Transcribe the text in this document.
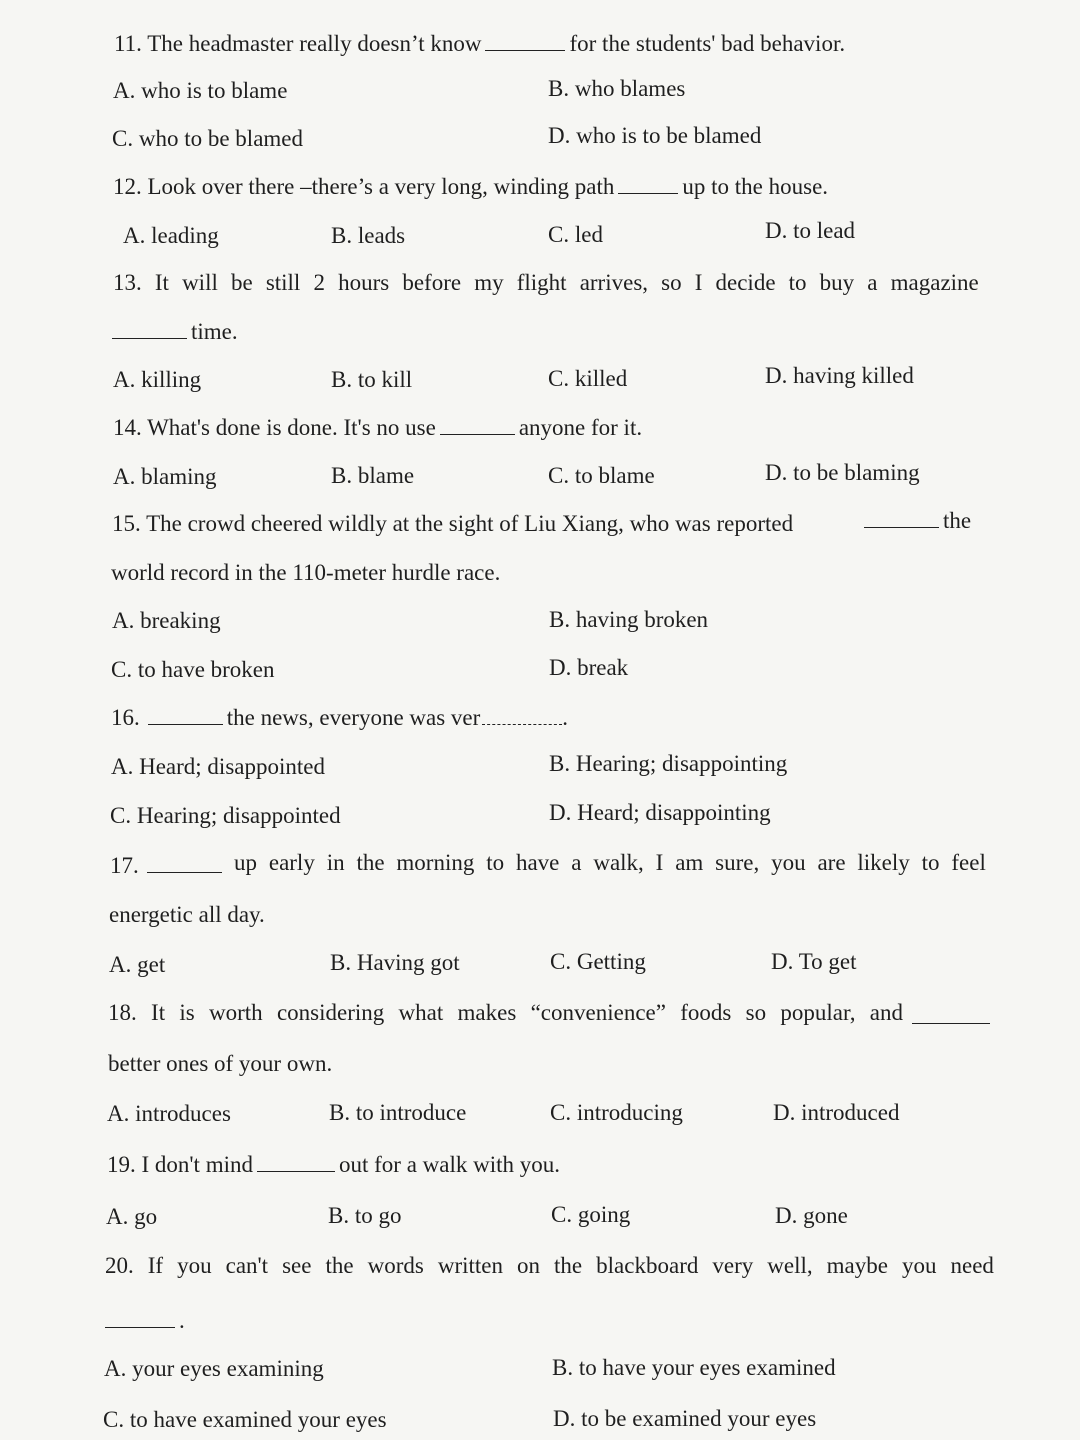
11. The headmaster really doesn’t know	for the students' bad behavior.
A. who is to blame	B. who blames
C. who to be blamed	D. who is to be blamed
12. Look over there –there’s a very long, winding path	up to the house.
A. leading	B. leads	C. led	D. to lead
13. It will be still 2 hours before my flight arrives, so I decide to buy a magazine
time.
A. killing	B. to kill	C. killed	D. having killed
14. What's done is done. It's no use	anyone for it.
A. blaming	B. blame	C. to blame	D. to be blaming
15. The crowd cheered wildly at the sight of Liu Xiang, who was reported	the
world record in the 110-meter hurdle race.
A. breaking	B. having broken
C. to have broken	D. break
16.	the news, everyone was ver	.
A. Heard; disappointed	B. Hearing; disappointing
C. Hearing; disappointed	D. Heard; disappointing
17.	up early in the morning to have a walk, I am sure, you are likely to feel
energetic all day.
A. get	B. Having got	C. Getting	D. To get
18. It is worth considering what makes “convenience” foods so popular, and
better ones of your own.
A. introduces	B. to introduce	C. introducing	D. introduced
19. I don't mind	out for a walk with you.
A. go	B. to go	C. going	D. gone
20. If you can't see the words written on the blackboard very well, maybe you need
.
A. your eyes examining	B. to have your eyes examined
C. to have examined your eyes	D. to be examined your eyes
